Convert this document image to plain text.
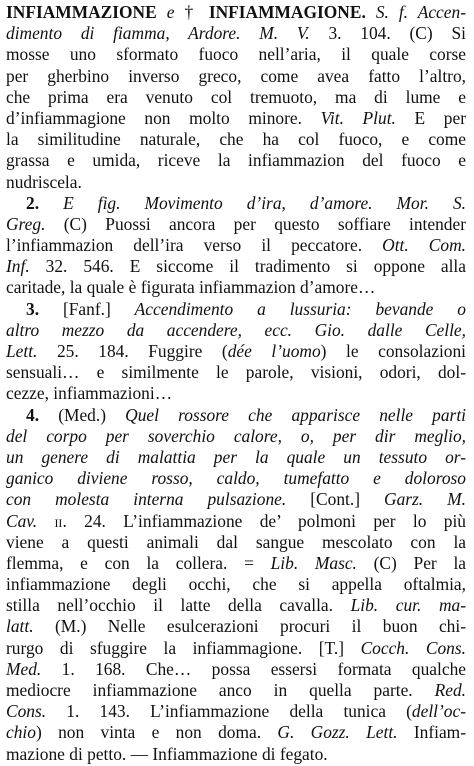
INFIAMMAZIONE e † INFIAMMAGIONE. S. f. Accen-
dimento di fiamma, Ardore. M. V. 3. 104. (C) Si
mosse uno sformato fuoco nell’aria, il quale corse
per gherbino inverso greco, come avea fatto l’altro,
che prima era venuto col tremuoto, ma di lume e
d’infiammagione non molto minore. Vit. Plut. E per
la similitudine naturale, che ha col fuoco, e come
grassa e umida, riceve la infiammazion del fuoco e
nudriscela.
2. E fig. Movimento d’ira, d’amore. Mor. S.
Greg. (C) Puossi ancora per questo soffiare intender
l’infiammazion dell’ira verso il peccatore. Ott. Com.
Inf. 32. 546. E siccome il tradimento si oppone alla
caritade, la quale è figurata infiammazion d’amore…
3. [Fanf.] Accendimento a lussuria: bevande o
altro mezzo da accendere, ecc. Gio. dalle Celle,
Lett. 25. 184. Fuggire (dée l’uomo) le consolazioni
sensuali… e similmente le parole, visioni, odori, dol-
cezze, infiammazioni…
4. (Med.) Quel rossore che apparisce nelle parti
del corpo per soverchio calore, o, per dir meglio,
un genere di malattia per la quale un tessuto or-
ganico diviene rosso, caldo, tumefatto e doloroso
con molesta interna pulsazione. [Cont.] Garz. M.
Cav. ii. 24. L’infiammazione de’ polmoni per lo più
viene a questi animali dal sangue mescolato con la
flemma, e con la collera. = Lib. Masc. (C) Per la
infiammazione degli occhi, che si appella oftalmia,
stilla nell’occhio il latte della cavalla. Lib. cur. ma-
latt. (M.) Nelle esulcerazioni procuri il buon chi-
rurgo di sfuggire la infiammagione. [T.] Cocch. Cons.
Med. 1. 168. Che… possa essersi formata qualche
mediocre infiammazione anco in quella parte. Red.
Cons. 1. 143. L’infiammazione della tunica (dell’oc-
chio) non vinta e non doma. G. Gozz. Lett. Infiam-
mazione di petto. — Infiammazione di fegato.
